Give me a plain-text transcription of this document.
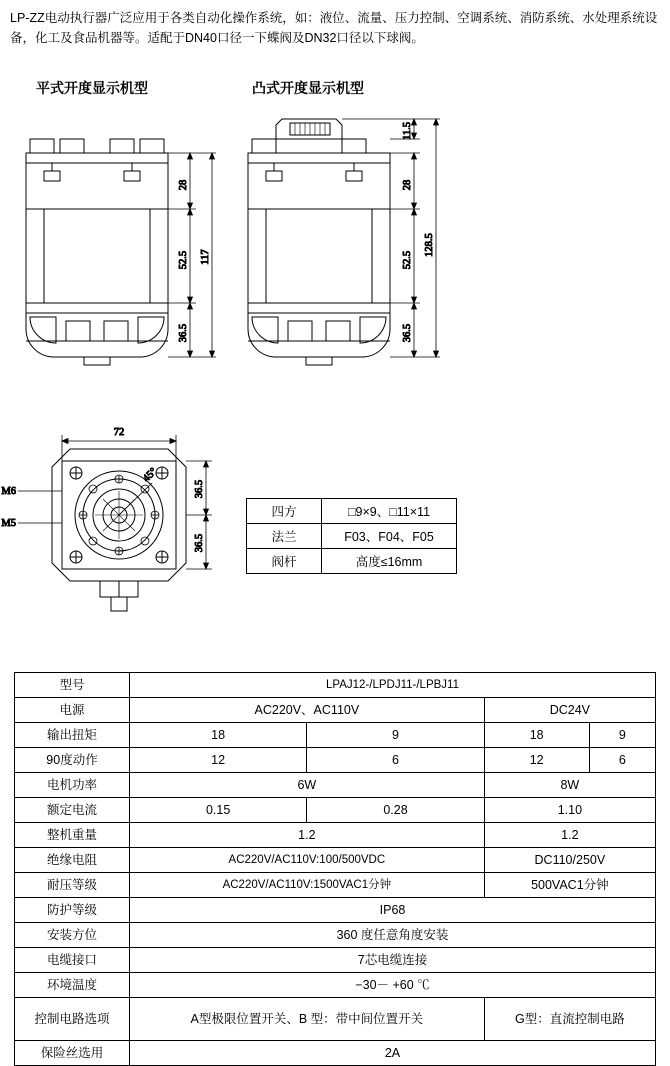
LP-ZZ电动执行器广泛应用于各类自动化操作系统，如：液位、流量、压力控制、空调系统、消防系统、水处理系统设备，化工及食品机器等。适配于DN40口径一下蝶阀及DN32口径以下球阀。
平式开度显示机型	凸式开度显示机型
28
52.5
36.5
117
11.5
28
52.5
36.5
128.5
72
36.5
36.5
M6
M5
45°
四方	□9×9、□11×11
法兰	F03、F04、F05
阀杆	高度≤16mm
型号	LPAJ12-/LPDJ11-/LPBJ11			
电源	AC220V、AC110V		DC24V	
输出扭矩	18	9	18	9
90度动作	12	6	12	6
电机功率	6W		8W	
额定电流	0.15	0.28	1.10	
整机重量	1.2		1.2	
绝缘电阻	AC220V/AC110V:100/500VDC		DC110/250V	
耐压等级	AC220V/AC110V:1500VAC1分钟		500VAC1分钟	
防护等级	IP68			
安装方位	360 度任意角度安装			
电缆接口	7芯电缆连接			
环境温度	−30－ +60 ℃			
控制电路选项	A型极限位置开关、B 型：带中间位置开关		G型：直流控制电路	
保险丝选用	2A			
